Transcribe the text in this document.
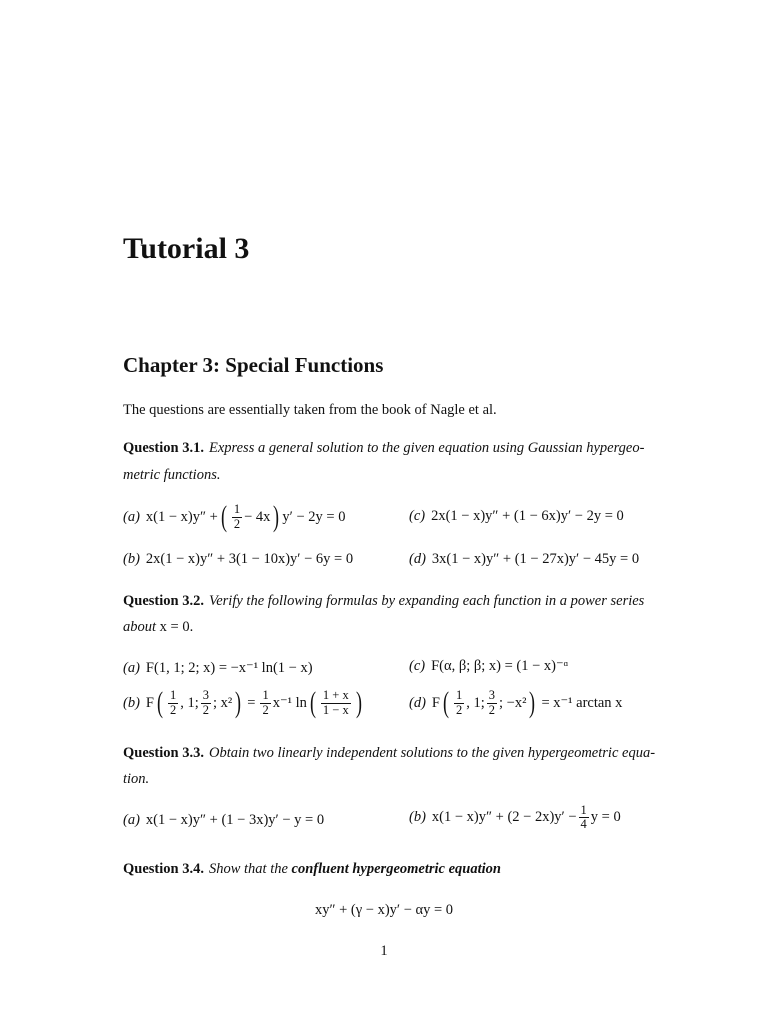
Tutorial 3
Chapter 3: Special Functions
The questions are essentially taken from the book of Nagle et al.
Question 3.1. Express a general solution to the given equation using Gaussian hypergeo-
metric functions.
(a) x(1 − x)y″ + ( $\frac{1}{2} - 4x$ ) y′ − 2y = 0	(c) 2x(1 − x)y″ + (1 − 6x)y′ − 2y = 0
(b) 2x(1 − x)y″ + 3(1 − 10x)y′ − 6y = 0	(d) 3x(1 − x)y″ + (1 − 27x)y′ − 45y = 0
Question 3.2. Verify the following formulas by expanding each function in a power series
about x = 0.
(a) F(1, 1; 2; x) = −x⁻¹ ln(1 − x)	(c) F(α, β; β; x) = (1 − x)⁻ᵅ
(b) F ( $\frac{1}{2}$ , 1; $\frac{3}{2}$ ; x² ) = $\frac{1}{2} x^{-1}$ ln ( $\frac{1 + x}{1 - x}$ )	(d) F ( $\frac{1}{2}$ , 1; $\frac{3}{2}$ ; −x² ) = x⁻¹ arctan x
Question 3.3. Obtain two linearly independent solutions to the given hypergeometric equa-
tion.
(a) x(1 − x)y″ + (1 − 3x)y′ − y = 0	(b) $x(1 - x)y'' + (2 - 2x)y' - \frac{1}{4}$ y = 0
Question 3.4. Show that the confluent hypergeometric equation
xy″ + (γ − x)y′ − αy = 0
1
